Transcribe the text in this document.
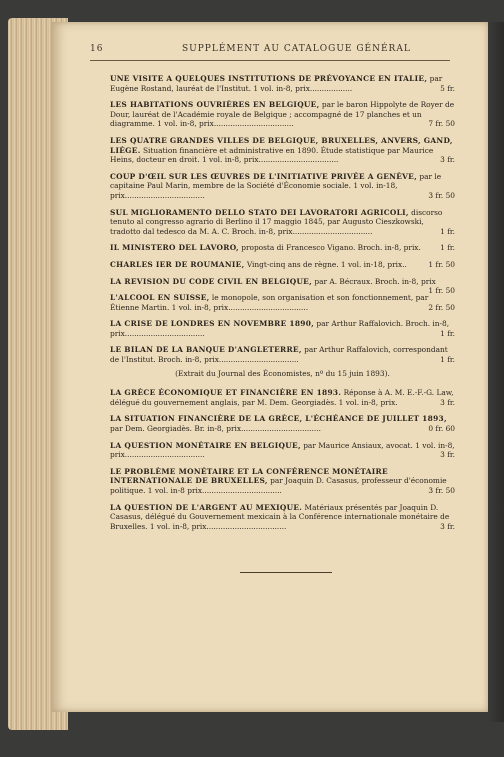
16	SUPPLÉMENT AU CATALOGUE GÉNÉRAL
UNE VISITE A QUELQUES INSTITUTIONS DE PRÉVOYANCE EN ITALIE, par Eugène Rostand, lauréat de l'Institut. 1 vol. in-8, prix..................	5 fr.
LES HABITATIONS OUVRIÈRES EN BELGIQUE, par le baron Hippolyte de Royer de Dour, lauréat de l'Académie royale de Belgique ; accompagné de 17 planches et un diagramme. 1 vol. in-8, prix..................................	7 fr. 50
LES QUATRE GRANDES VILLES DE BELGIQUE, BRUXELLES, ANVERS, GAND, LIÉGE. Situation financière et administrative en 1890. Étude statistique par Maurice Heins, docteur en droit. 1 vol. in-8, prix..................................	3 fr.
COUP D'ŒIL SUR LES ŒUVRES DE L'INITIATIVE PRIVÉE A GENÈVE, par le capitaine Paul Marin, membre de la Société d'Économie sociale. 1 vol. in-18, prix..................................	3 fr. 50
SUL MIGLIORAMENTO DELLO STATO DEI LAVORATORI AGRICOLI, discorso tenuto al congresso agrario di Berlino il 17 maggio 1845, par Augusto Cieszkowski, tradotto dal tedesco da M. A. C. Broch. in-8, prix..................................	1 fr.
IL MINISTERO DEL LAVORO, proposta di Francesco Vigano. Broch. in-8, prix.	1 fr.
CHARLES IER DE ROUMANIE, Vingt-cinq ans de règne. 1 vol. in-18, prix..	1 fr. 50
LA REVISION DU CODE CIVIL EN BELGIQUE, par A. Bécraux. Broch. in-8, prix
1 fr. 50
L'ALCOOL EN SUISSE, le monopole, son organisation et son fonctionnement, par Étienne Martin. 1 vol. in-8, prix..................................	2 fr. 50
LA CRISE DE LONDRES EN NOVEMBRE 1890, par Arthur Raffalovich. Broch. in-8, prix..................................	1 fr.
LE BILAN DE LA BANQUE D'ANGLETERRE, par Arthur Raffalovich, correspondant de l'Institut. Broch. in-8, prix..................................	1 fr.
(Extrait du Journal des Économistes, nº du 15 juin 1893).
LA GRÈCE ÉCONOMIQUE ET FINANCIÈRE EN 1893. Réponse à A. M. E.-F.-G. Law, délégué du gouvernement anglais, par M. Dem. Georgiadès. 1 vol. in-8, prix.	3 fr.
LA SITUATION FINANCIÈRE DE LA GRÈCE, L'ÉCHÉANCE DE JUILLET 1893, par Dem. Georgiadès. Br. in-8, prix..................................	0 fr. 60
LA QUESTION MONÉTAIRE EN BELGIQUE, par Maurice Ansiaux, avocat. 1 vol. in-8, prix..................................	3 fr.
LE PROBLÈME MONÉTAIRE ET LA CONFÉRENCE MONÉTAIRE INTERNATIONALE DE BRUXELLES, par Joaquin D. Casasus, professeur d'économie politique. 1 vol. in-8 prix..................................	3 fr. 50
LA QUESTION DE L'ARGENT AU MEXIQUE. Matériaux présentés par Joaquin D. Casasus, délégué du Gouvernement mexicain à la Conférence internationale monétaire de Bruxelles. 1 vol. in-8, prix..................................	3 fr.
